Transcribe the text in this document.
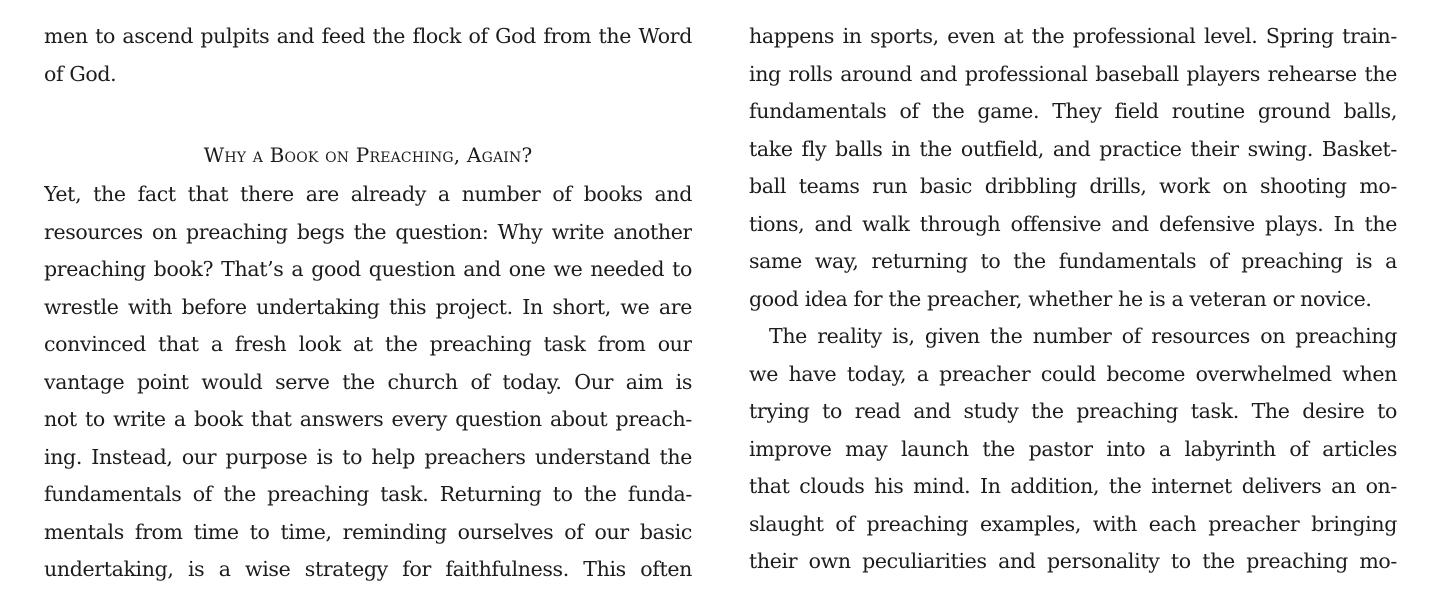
men to ascend pulpits and feed the flock of God from the Word
of God.
Why a Book on Preaching, Again?
Yet, the fact that there are already a number of books and
resources on preaching begs the question: Why write another
preaching book? That’s a good question and one we needed to
wrestle with before undertaking this project. In short, we are
convinced that a fresh look at the preaching task from our
vantage point would serve the church of today. Our aim is
not to write a book that answers every question about preach-
ing. Instead, our purpose is to help preachers understand the
fundamentals of the preaching task. Returning to the funda-
mentals from time to time, reminding ourselves of our basic
undertaking, is a wise strategy for faithfulness. This often
happens in sports, even at the professional level. Spring train-
ing rolls around and professional baseball players rehearse the
fundamentals of the game. They field routine ground balls,
take fly balls in the outfield, and practice their swing. Basket-
ball teams run basic dribbling drills, work on shooting mo-
tions, and walk through offensive and defensive plays. In the
same way, returning to the fundamentals of preaching is a
good idea for the preacher, whether he is a veteran or novice.
The reality is, given the number of resources on preaching
we have today, a preacher could become overwhelmed when
trying to read and study the preaching task. The desire to
improve may launch the pastor into a labyrinth of articles
that clouds his mind. In addition, the internet delivers an on-
slaught of preaching examples, with each preacher bringing
their own peculiarities and personality to the preaching mo-
